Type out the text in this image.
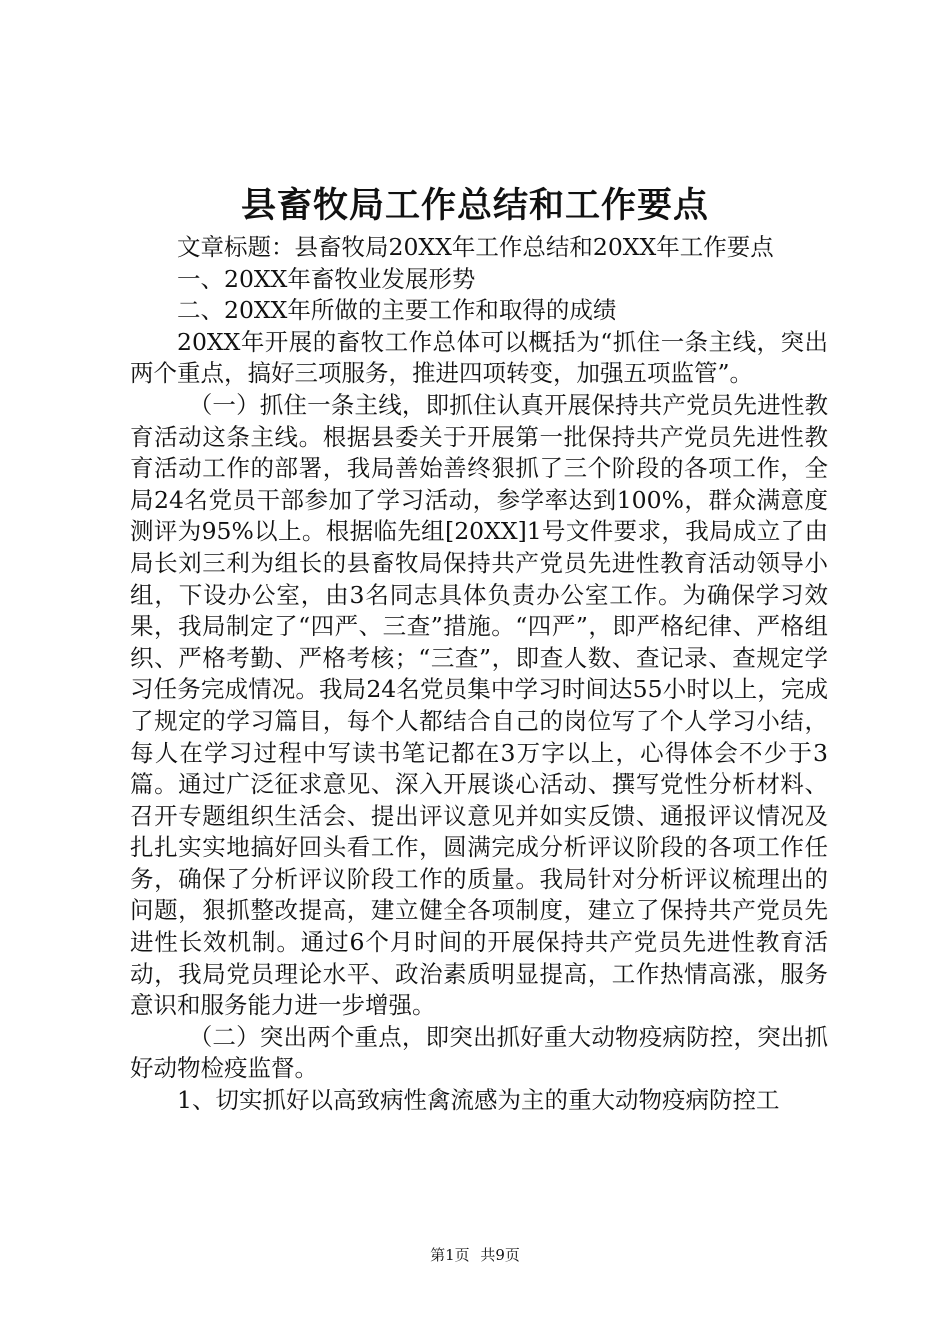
县畜牧局工作总结和工作要点

文章标题：县畜牧局20XX年工作总结和20XX年工作要点

一、20XX年畜牧业发展形势

二、20XX年所做的主要工作和取得的成绩

20XX年开展的畜牧工作总体可以概括为“抓住一条主线，突出两个重点，搞好三项服务，推进四项转变，加强五项监管”。

（一）抓住一条主线，即抓住认真开展保持共产党员先进性教育活动这条主线。根据县委关于开展第一批保持共产党员先进性教育活动工作的部署，我局善始善终狠抓了三个阶段的各项工作，全局24名党员干部参加了学习活动，参学率达到100%，群众满意度测评为95%以上。根据临先组[20XX]1号文件要求，我局成立了由局长刘三利为组长的县畜牧局保持共产党员先进性教育活动领导小组，下设办公室，由3名同志具体负责办公室工作。为确保学习效果，我局制定了“四严、三查”措施。“四严”，即严格纪律、严格组织、严格考勤、严格考核；“三查”，即查人数、查记录、查规定学习任务完成情况。我局24名党员集中学习时间达55小时以上，完成了规定的学习篇目，每个人都结合自己的岗位写了个人学习小结，每人在学习过程中写读书笔记都在3万字以上，心得体会不少于3篇。通过广泛征求意见、深入开展谈心活动、撰写党性分析材料、召开专题组织生活会、提出评议意见并如实反馈、通报评议情况及扎扎实实地搞好回头看工作，圆满完成分析评议阶段的各项工作任务，确保了分析评议阶段工作的质量。我局针对分析评议梳理出的问题，狠抓整改提高，建立健全各项制度，建立了保持共产党员先进性长效机制。通过6个月时间的开展保持共产党员先进性教育活动，我局党员理论水平、政治素质明显提高，工作热情高涨，服务意识和服务能力进一步增强。

（二）突出两个重点，即突出抓好重大动物疫病防控，突出抓好动物检疫监督。

1、切实抓好以高致病性禽流感为主的重大动物疫病防控工

第1页 共9页
